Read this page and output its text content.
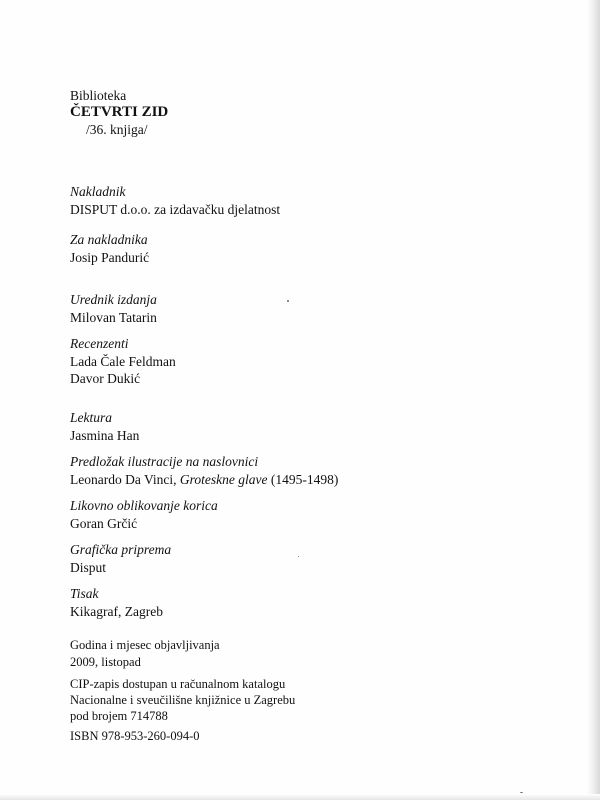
Biblioteka
ČETVRTI ZID
/36. knjiga/
Nakladnik
DISPUT d.o.o. za izdavačku djelatnost
Za nakladnika
Josip Pandurić
Urednik izdanja
Milovan Tatarin
Recenzenti
Lada Čale Feldman
Davor Dukić
Lektura
Jasmina Han
Predložak ilustracije na naslovnici
Leonardo Da Vinci, Groteskne glave (1495-1498)
Likovno oblikovanje korica
Goran Grčić
Grafička priprema
Disput
Tisak
Kikagraf, Zagreb
Godina i mjesec objavljivanja
2009, listopad
CIP-zapis dostupan u računalnom katalogu
Nacionalne i sveučilišne knjižnice u Zagrebu
pod brojem 714788
ISBN 978-953-260-094-0
